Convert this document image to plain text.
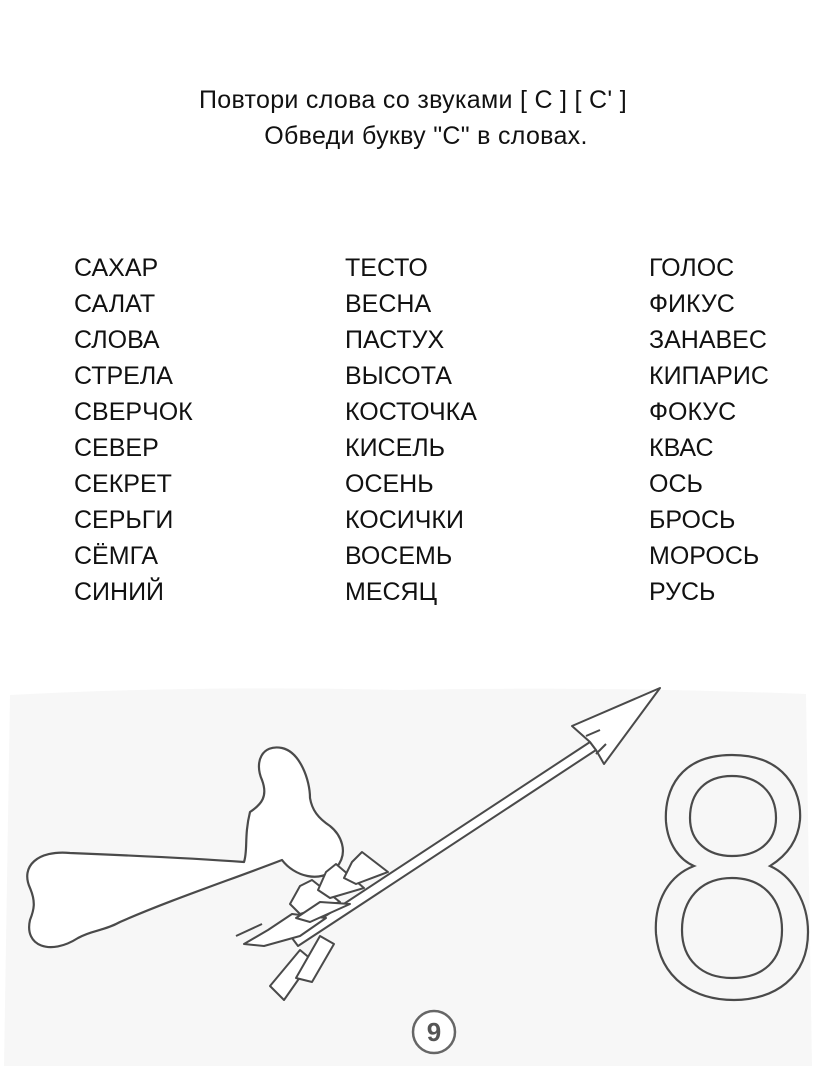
Повтори слова со звуками [ С ] [ С' ]
Обведи букву "С" в словах.
САХАР
САЛАТ
СЛОВА
СТРЕЛА
СВЕРЧОК
СЕВЕР
СЕКРЕТ
СЕРЬГИ
СЁМГА
СИНИЙ
ТЕСТО
ВЕСНА
ПАСТУХ
ВЫСОТА
КОСТОЧКА
КИСЕЛЬ
ОСЕНЬ
КОСИЧКИ
ВОСЕМЬ
МЕСЯЦ
ГОЛОС
ФИКУС
ЗАНАВЕС
КИПАРИС
ФОКУС
КВАС
ОСЬ
БРОСЬ
МОРОСЬ
РУСЬ
9
